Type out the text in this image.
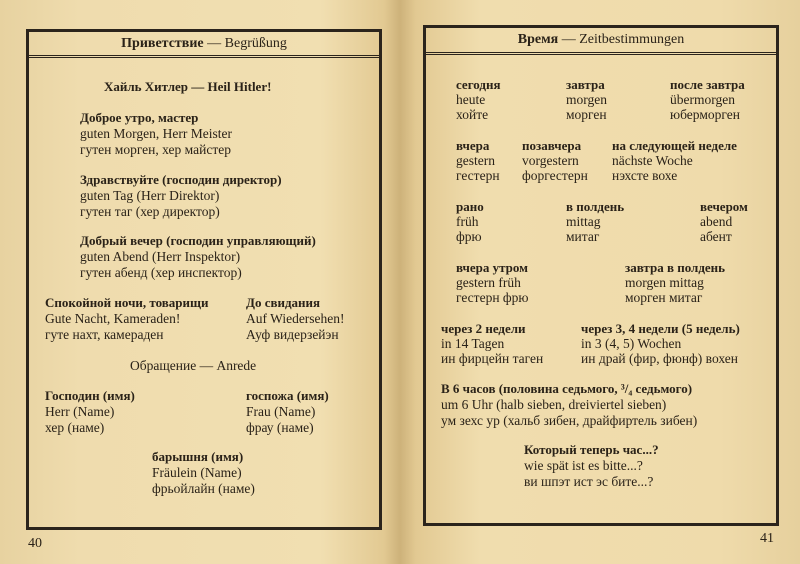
Приветствие — Begrüßung
Хайль Хитлер — Heil Hitler!
Доброе утро, мастер
guten Morgen, Herr Meister
гутен морген, хер майстер
Здравствуйте (господин директор)
guten Tag (Herr Direktor)
гутен таг (хер директор)
Добрый вечер (господин управляющий)
guten Abend (Herr Inspektor)
гутен абенд (хер инспектор)
Спокойной ночи, товарищи
Gute Nacht, Kameraden!
гуте нахт, камераден
До свидания
Auf Wiedersehen!
Ауф видерзейэн
Обращение — Anrede
Господин (имя)
Herr (Name)
хер (наме)
госпожа (имя)
Frau (Name)
фрау (наме)
барышня (имя)
Fräulein (Name)
фрьойлайн (наме)
40
Время — Zeitbestimmungen
сегодня
heute
хойте
завтра
morgen
морген
после завтра
übermorgen
юберморген
вчера
gestern
гестерн
позавчера
vorgestern
форгестерн
на следующей неделе
nächste Woche
нэхсте вохе
рано
früh
фрю
в полдень
mittag
митаг
вечером
abend
абент
вчера утром
gestern früh
гестерн фрю
завтра в полдень
morgen mittag
морген митаг
через 2 недели
in 14 Tagen
ин фирцейн таген
через 3, 4 недели (5 недель)
in 3 (4, 5) Wochen
ин драй (фир, фюнф) вохен
В 6 часов (половина седьмого, ³/₄ седьмого)
um 6 Uhr (halb sieben, dreiviertel sieben)
ум зехс ур (хальб зибен, драйфиртель зибен)
Который теперь час...?
wie spät ist es bitte...?
ви шпэт ист эс бите...?
41
